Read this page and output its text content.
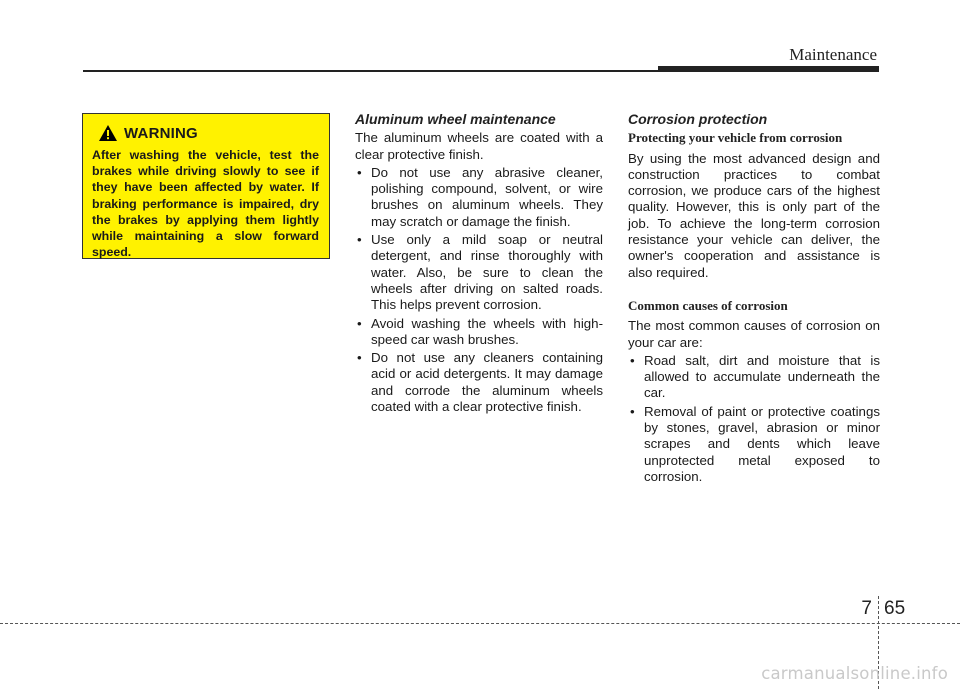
Maintenance
WARNING
After washing the vehicle, test the brakes while driving slowly to see if they have been affected by water. If braking performance is impaired, dry the brakes by applying them lightly while maintaining a slow forward speed.
Aluminum wheel maintenance

The aluminum wheels are coated with a clear protective finish.

• Do not use any abrasive cleaner, polishing compound, solvent, or wire brushes on aluminum wheels. They may scratch or damage the finish.
• Use only a mild soap or neutral detergent, and rinse thoroughly with water. Also, be sure to clean the wheels after driving on salted roads. This helps prevent corrosion.
• Avoid washing the wheels with high-speed car wash brushes.
• Do not use any cleaners containing acid or acid detergents. It may damage and corrode the aluminum wheels coated with a clear protective finish.
Corrosion protection
Protecting your vehicle from corrosion

By using the most advanced design and construction practices to combat corrosion, we produce cars of the highest quality. However, this is only part of the job. To achieve the long-term corrosion resistance your vehicle can deliver, the owner's cooperation and assistance is also required.

Common causes of corrosion

The most common causes of corrosion on your car are:

• Road salt, dirt and moisture that is allowed to accumulate underneath the car.
• Removal of paint or protective coatings by stones, gravel, abrasion or minor scrapes and dents which leave unprotected metal exposed to corrosion.
7 65
carmanualsonline.info
